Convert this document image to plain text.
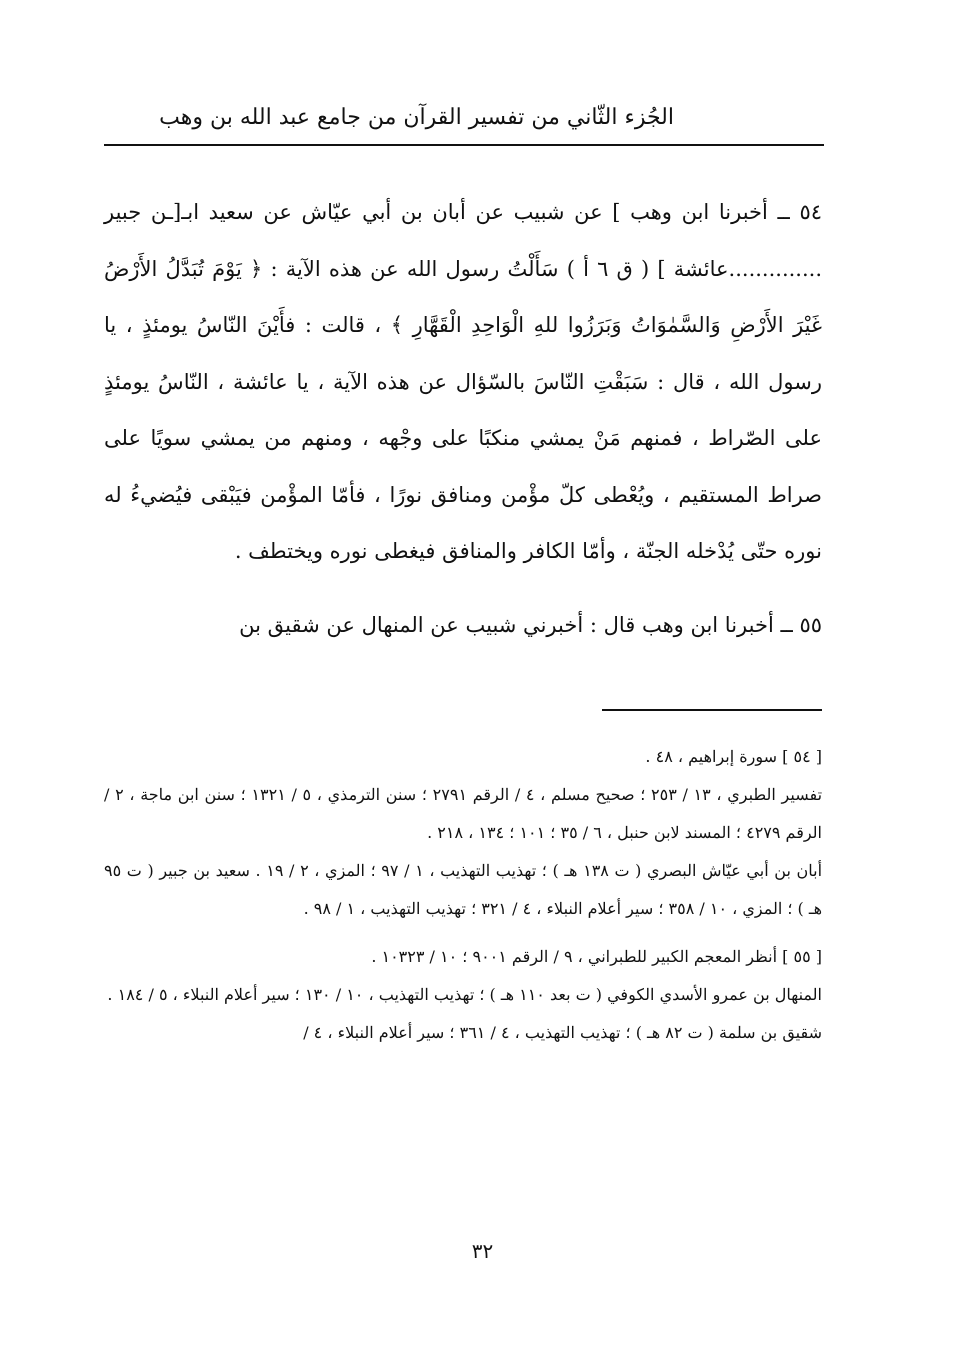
الجُزء الثّاني من تفسير القرآن من جامع عبد الله بن وهب

٥٤ ــ أخبرنا ابن وهب ] عن شبيب عن أبان بن أبي عيّاش عن سعيد ابـ[ـن جبير ..............عائشة ] ( ق ٦ أ ) سَأَلْتُ رسول الله عن هذه الآية : ﴿ يَوْمَ تُبَدَّلُ الأَرْضُ غَيْرَ الأَرْضِ وَالسَّمٰوَاتُ وَبَرَزُوا للهِ الْوَاحِدِ الْقَهَّارِ ﴾ ، قالت : فأَيْنَ النّاسُ يومئذٍ ، يا رسول الله ، قال : سَبَقْتِ النّاسَ بالسّؤال عن هذه الآية ، يا عائشة ، النّاسُ يومئذٍ على الصّراط ، فمنهم مَنْ يمشي منكبًا على وجْهه ، ومنهم من يمشي سويًا على صراط المستقيم ، ويُعْطى كلّ مؤْمن ومنافق نورًا ، فأمّا المؤْمن فيَبْقى فيُضيءُ له نوره حتّى يُدْخله الجنّة ، وأمّا الكافر والمنافق فيغطى نوره ويختطف .

٥٥ ــ أخبرنا ابن وهب قال : أخبرني شبيب عن المنهال عن شقيق بن

[ ٥٤ ] سورة إبراهيم ، ٤٨ .

تفسير الطبري ، ١٣ / ٢٥٣ ؛ صحيح مسلم ، ٤ / الرقم ٢٧٩١ ؛ سنن الترمذي ، ٥ / ١٣٢١ ؛ سنن ابن ماجة ، ٢ / الرقم ٤٢٧٩ ؛ المسند لابن حنبل ، ٦ / ٣٥ ؛ ١٠١ ؛ ١٣٤ ، ٢١٨ .

أبان بن أبي عيّاش البصري ( ت ١٣٨ هـ ) ؛ تهذيب التهذيب ، ١ / ٩٧ ؛ المزي ، ٢ / ١٩ . سعيد بن جبير ( ت ٩٥ هـ ) ؛ المزي ، ١٠ / ٣٥٨ ؛ سير أعلام النبلاء ، ٤ / ٣٢١ ؛ تهذيب التهذيب ، ١ / ٩٨ .

[ ٥٥ ] أنظر المعجم الكبير للطبراني ، ٩ / الرقم ٩٠٠١ ؛ ١٠ / ١٠٣٢٣ .

المنهال بن عمرو الأسدي الكوفي ( ت بعد ١١٠ هـ ) ؛ تهذيب التهذيب ، ١٠ / ١٣٠ ؛ سير أعلام النبلاء ، ٥ / ١٨٤ .

شقيق بن سلمة ( ت ٨٢ هـ ) ؛ تهذيب التهذيب ، ٤ / ٣٦١ ؛ سير أعلام النبلاء ، ٤ /

٣٢
